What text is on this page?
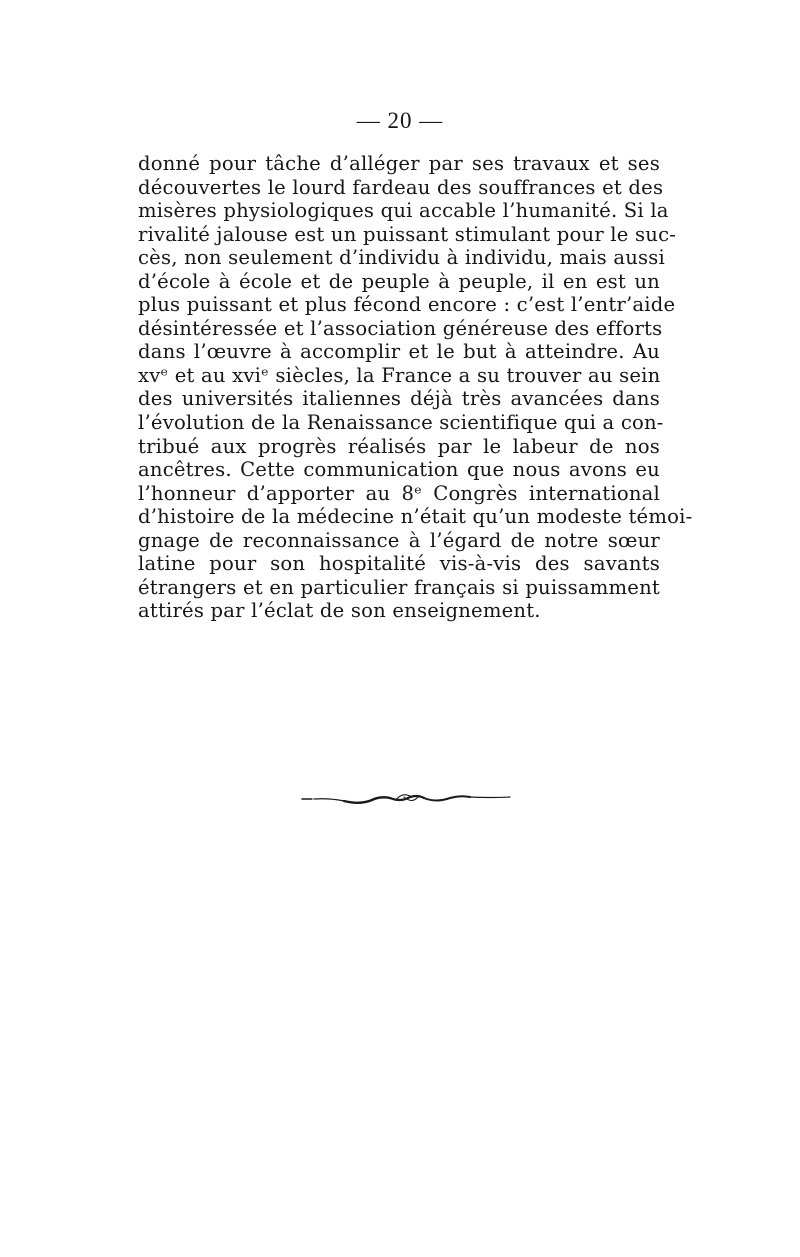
— 20 —
donné pour tâche d’alléger par ses travaux et ses
découvertes le lourd fardeau des souffrances et des
misères physiologiques qui accable l’humanité. Si la
rivalité jalouse est un puissant stimulant pour le suc-
cès, non seulement d’individu à individu, mais aussi
d’école à école et de peuple à peuple, il en est un
plus puissant et plus fécond encore : c’est l’entr’aide
désintéressée et l’association généreuse des efforts
dans l’œuvre à accomplir et le but à atteindre. Au
xvᵉ et au xviᵉ siècles, la France a su trouver au sein
des universités italiennes déjà très avancées dans
l’évolution de la Renaissance scientifique qui a con-
tribué aux progrès réalisés par le labeur de nos
ancêtres. Cette communication que nous avons eu
l’honneur d’apporter au 8ᵉ Congrès international
d’histoire de la médecine n’était qu’un modeste témoi-
gnage de reconnaissance à l’égard de notre sœur
latine pour son hospitalité vis-à-vis des savants
étrangers et en particulier français si puissamment
attirés par l’éclat de son enseignement.
